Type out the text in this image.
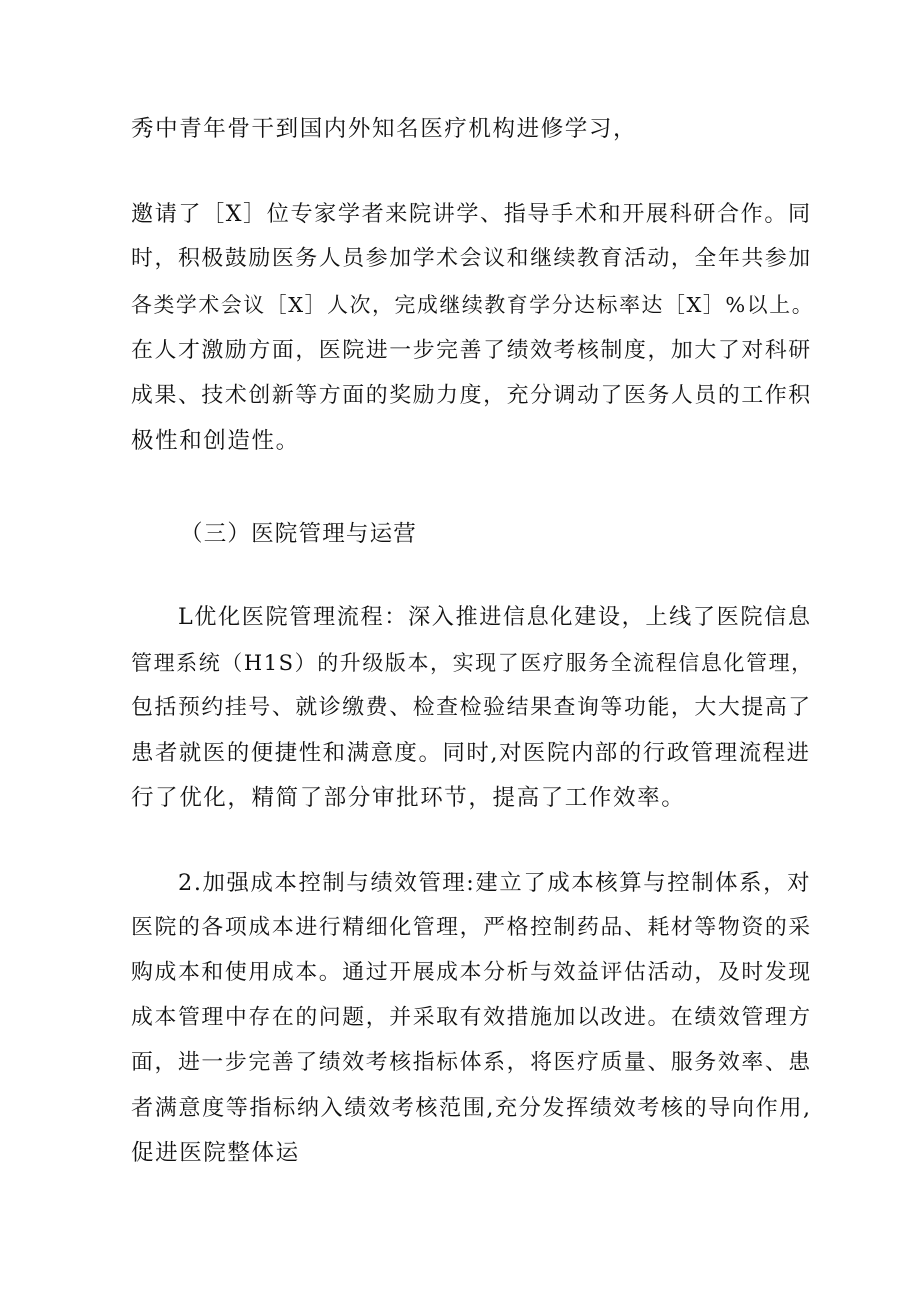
秀中青年骨干到国内外知名医疗机构进修学习，

邀请了［X］位专家学者来院讲学、指导手术和开展科研合作。同

时，积极鼓励医务人员参加学术会议和继续教育活动，全年共参加

各类学术会议［X］人次，完成继续教育学分达标率达［X］%以上。

在人才激励方面，医院进一步完善了绩效考核制度，加大了对科研

成果、技术创新等方面的奖励力度，充分调动了医务人员的工作积

极性和创造性。

（三）医院管理与运营

L优化医院管理流程：深入推进信息化建设，上线了医院信息

管理系统（H1S）的升级版本，实现了医疗服务全流程信息化管理，

包括预约挂号、就诊缴费、检查检验结果查询等功能，大大提高了

患者就医的便捷性和满意度。同时,对医院内部的行政管理流程进

行了优化，精简了部分审批环节，提高了工作效率。

2.加强成本控制与绩效管理:建立了成本核算与控制体系，对

医院的各项成本进行精细化管理，严格控制药品、耗材等物资的采

购成本和使用成本。通过开展成本分析与效益评估活动，及时发现

成本管理中存在的问题，并采取有效措施加以改进。在绩效管理方

面，进一步完善了绩效考核指标体系，将医疗质量、服务效率、患

者满意度等指标纳入绩效考核范围,充分发挥绩效考核的导向作用,

促进医院整体运
